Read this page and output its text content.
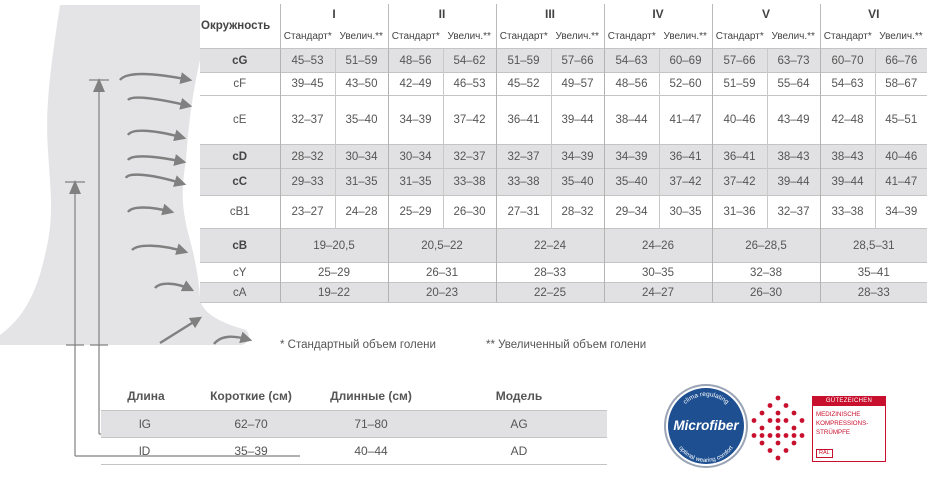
Окружность	I		II		III		IV		V		VI	
	Стандарт*	Увелич.**	Стандарт*	Увелич.**	Стандарт*	Увелич.**	Стандарт*	Увелич.**	Стандарт*	Увелич.**	Стандарт*	Увелич.**
cG	45–53	51–59	48–56	54–62	51–59	57–66	54–63	60–69	57–66	63–73	60–70	66–76
cF	39–45	43–50	42–49	46–53	45–52	49–57	48–56	52–60	51–59	55–64	54–63	58–67
cE	32–37	35–40	34–39	37–42	36–41	39–44	38–44	41–47	40–46	43–49	42–48	45–51
cD	28–32	30–34	30–34	32–37	32–37	34–39	34–39	36–41	36–41	38–43	38–43	40–46
cC	29–33	31–35	31–35	33–38	33–38	35–40	35–40	37–42	37–42	39–44	39–44	41–47
cB1	23–27	24–28	25–29	26–30	27–31	28–32	29–34	30–35	31–36	32–37	33–38	34–39
cB	19–20,5		20,5–22		22–24		24–26		26–28,5		28,5–31	
cY	25–29		26–31		28–33		30–35		32–38		35–41	
cA	19–22		20–23		22–25		24–27		26–30		28–33	
* Стандартный объем голени	** Увеличенный объем голени
Длина	Короткие (см)	Длинные (см)	Модель
lG	62–70	71–80	AG
lD	35–39	40–44	AD
clima regulating
Microfiber
optimal wearing comfort
GÜTEZEICHEN
MEDIZINISCHE
KOMPRESSIONS-
STRÜMPFE
RAL
